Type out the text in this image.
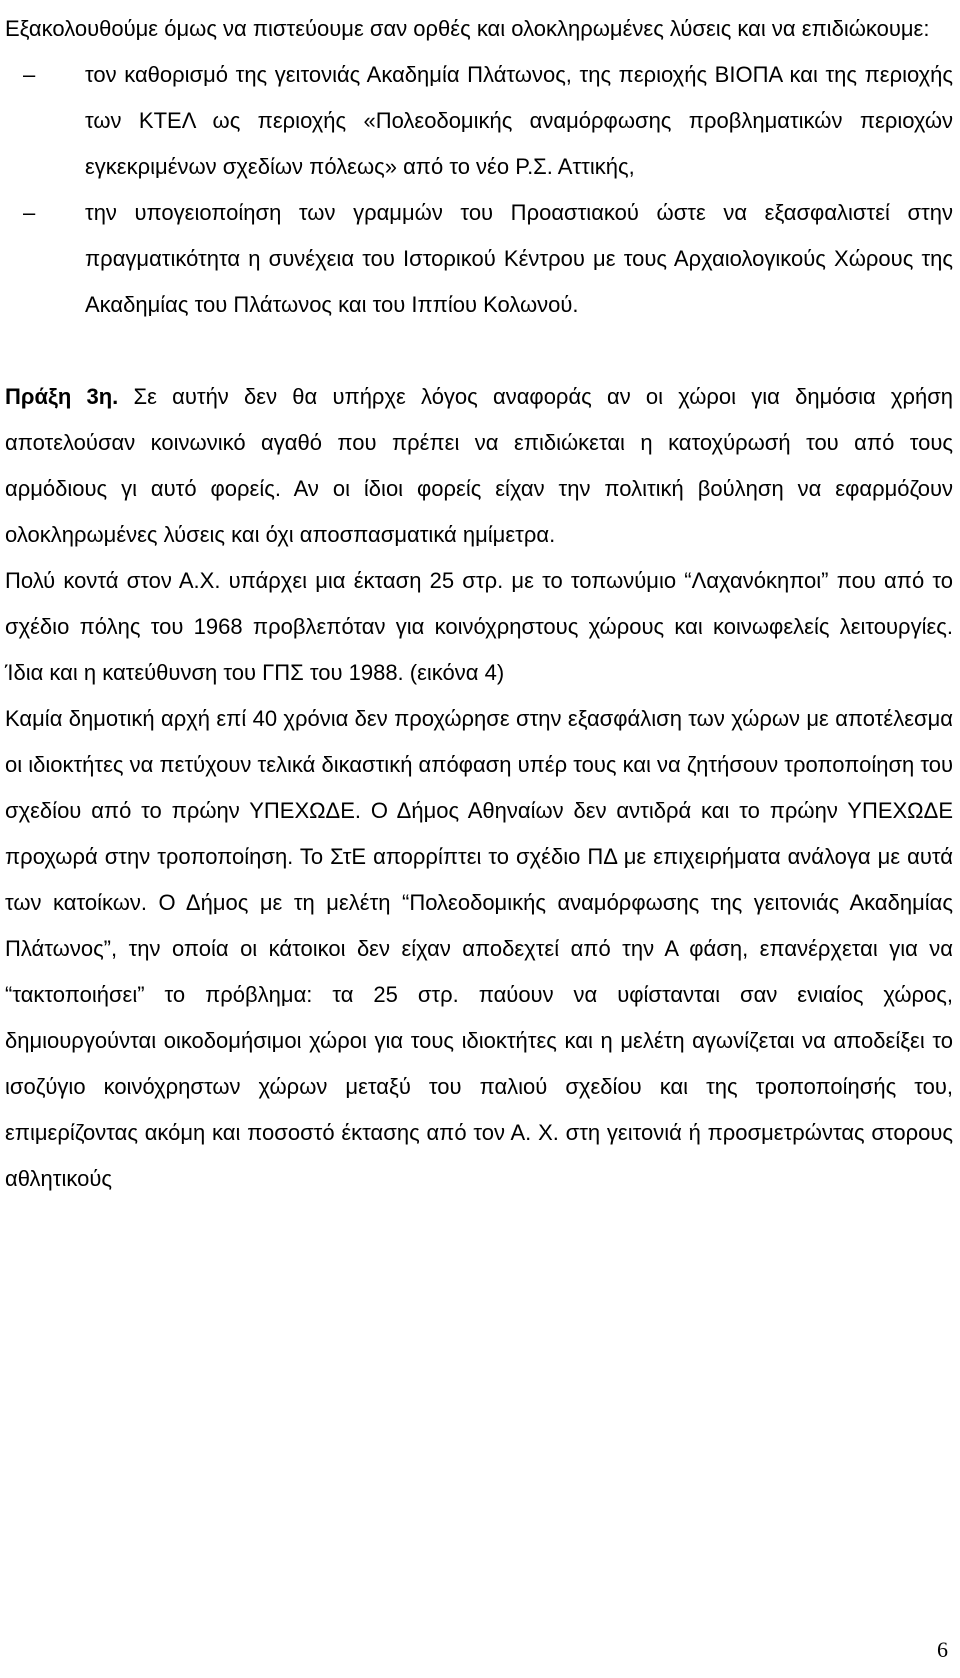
Εξακολουθούμε όμως να πιστεύουμε σαν ορθές και ολοκληρωμένες λύσεις και να επιδιώκουμε:

– τον καθορισμό της γειτονιάς Ακαδημία Πλάτωνος, της περιοχής ΒΙΟΠΑ και της περιοχής των ΚΤΕΛ ως περιοχής «Πολεοδομικής αναμόρφωσης προβληματικών περιοχών εγκεκριμένων σχεδίων πόλεως» από το νέο Ρ.Σ. Αττικής,
– την υπογειοποίηση των γραμμών του Προαστιακού ώστε να εξασφαλιστεί στην πραγματικότητα η συνέχεια του Ιστορικού Κέντρου με τους Αρχαιολογικούς Χώρους της Ακαδημίας του Πλάτωνος και του Ιππίου Κολωνού.

Πράξη 3η. Σε αυτήν δεν θα υπήρχε λόγος αναφοράς αν οι χώροι για δημόσια χρήση αποτελούσαν κοινωνικό αγαθό που πρέπει να επιδιώκεται η κατοχύρωσή του από τους αρμόδιους γι αυτό φορείς. Αν οι ίδιοι φορείς είχαν την πολιτική βούληση να εφαρμόζουν ολοκληρωμένες λύσεις και όχι αποσπασματικά ημίμετρα.

Πολύ κοντά στον Α.Χ. υπάρχει μια έκταση 25 στρ. με το τοπωνύμιο “Λαχανόκηποι” που από το σχέδιο πόλης του 1968 προβλεπόταν για κοινόχρηστους χώρους και κοινωφελείς λειτουργίες. Ίδια και η κατεύθυνση του ΓΠΣ του 1988. (εικόνα 4)

Καμία δημοτική αρχή επί 40 χρόνια δεν προχώρησε στην εξασφάλιση των χώρων με αποτέλεσμα οι ιδιοκτήτες να πετύχουν τελικά δικαστική απόφαση υπέρ τους και να ζητήσουν τροποποίηση του σχεδίου από το πρώην ΥΠΕΧΩΔΕ. Ο Δήμος Αθηναίων δεν αντιδρά και το πρώην ΥΠΕΧΩΔΕ προχωρά στην τροποποίηση. Το ΣτΕ απορρίπτει το σχέδιο ΠΔ με επιχειρήματα ανάλογα με αυτά των κατοίκων. Ο Δήμος με τη μελέτη “Πολεοδομικής αναμόρφωσης της γειτονιάς Ακαδημίας Πλάτωνος”, την οποία οι κάτοικοι δεν είχαν αποδεχτεί από την Α φάση, επανέρχεται για να “τακτοποιήσει” το πρόβλημα: τα 25 στρ. παύουν να υφίστανται σαν ενιαίος χώρος, δημιουργούνται οικοδομήσιμοι χώροι για τους ιδιοκτήτες και η μελέτη αγωνίζεται να αποδείξει το ισοζύγιο κοινόχρηστων χώρων μεταξύ του παλιού σχεδίου και της τροποποίησής του, επιμερίζοντας ακόμη και ποσοστό έκτασης από τον Α. Χ. στη γειτονιά ή προσμετρώντας στορους αθλητικούς

6
